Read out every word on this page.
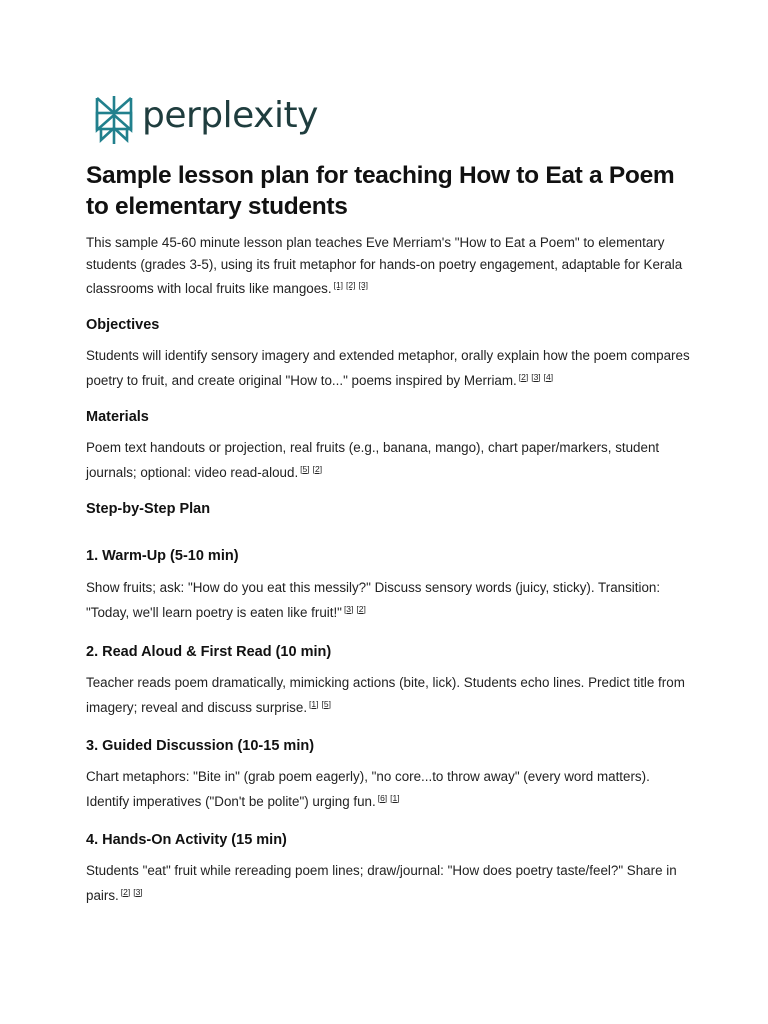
perplexity
Sample lesson plan for teaching How to Eat a Poem to elementary students

This sample 45-60 minute lesson plan teaches Eve Merriam's "How to Eat a Poem" to elementary students (grades 3-5), using its fruit metaphor for hands-on poetry engagement, adaptable for Kerala classrooms with local fruits like mangoes. [1] [2] [3]

Objectives

Students will identify sensory imagery and extended metaphor, orally explain how the poem compares poetry to fruit, and create original "How to..." poems inspired by Merriam. [2] [3] [4]

Materials

Poem text handouts or projection, real fruits (e.g., banana, mango), chart paper/markers, student journals; optional: video read-aloud. [5] [2]

Step-by-Step Plan
1. Warm-Up (5-10 min)

Show fruits; ask: "How do you eat this messily?" Discuss sensory words (juicy, sticky). Transition: "Today, we'll learn poetry is eaten like fruit!" [3] [2]

2. Read Aloud & First Read (10 min)

Teacher reads poem dramatically, mimicking actions (bite, lick). Students echo lines. Predict title from imagery; reveal and discuss surprise. [1] [5]

3. Guided Discussion (10-15 min)

Chart metaphors: "Bite in" (grab poem eagerly), "no core...to throw away" (every word matters). Identify imperatives ("Don't be polite") urging fun. [6] [1]

4. Hands-On Activity (15 min)

Students "eat" fruit while rereading poem lines; draw/journal: "How does poetry taste/feel?" Share in pairs. [2] [3]
